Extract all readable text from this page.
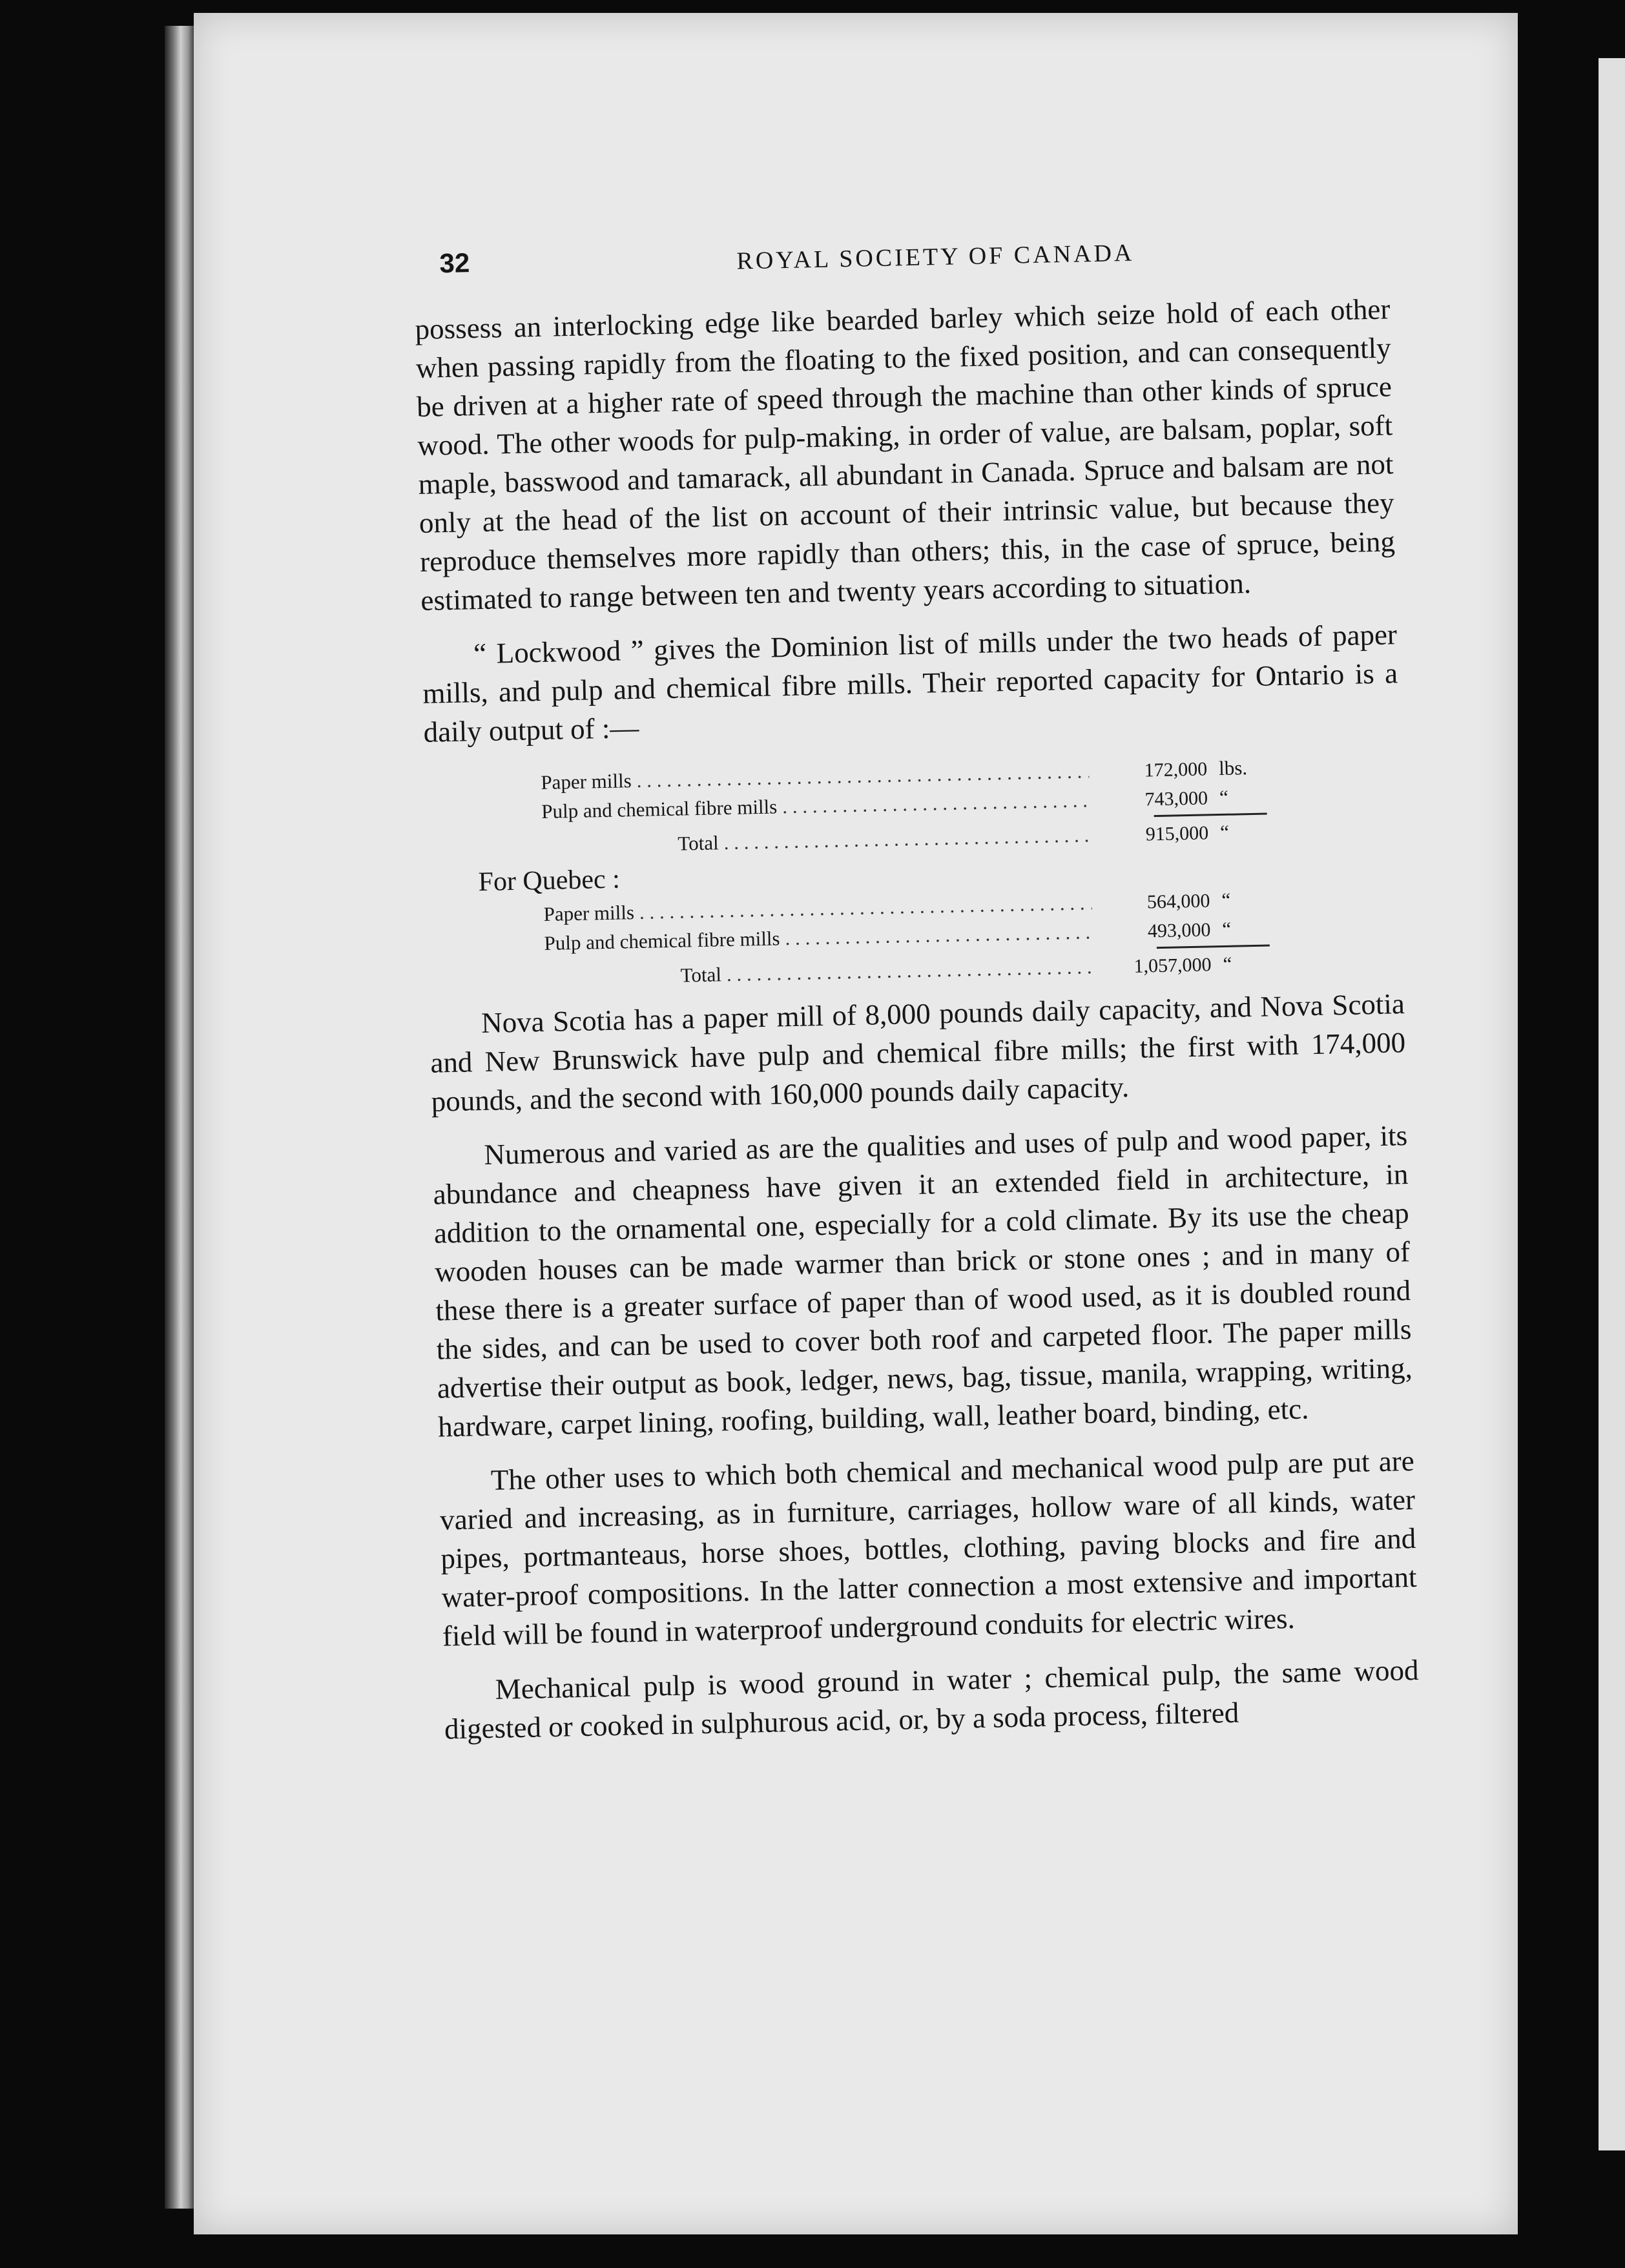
32	ROYAL SOCIETY OF CANADA

possess an interlocking edge like bearded barley which seize hold of each other when passing rapidly from the floating to the fixed position, and can consequently be driven at a higher rate of speed through the machine than other kinds of spruce wood. The other woods for pulp-making, in order of value, are balsam, poplar, soft maple, basswood and tamarack, all abundant in Canada. Spruce and balsam are not only at the head of the list on account of their intrinsic value, but because they reproduce themselves more rapidly than others; this, in the case of spruce, being estimated to range between ten and twenty years according to situation.

“ Lockwood ” gives the Dominion list of mills under the two heads of paper mills, and pulp and chemical fibre mills. Their reported capacity for Ontario is a daily output of :—

Paper mills . . .	172,000 lbs.
Pulp and chemical fibre mills . . .	743,000 “
Total . . .	915,000 “
For Quebec :
Paper mills . . .	564,000 “
Pulp and chemical fibre mills . . .	493,000 “
Total . . .	1,057,000 “

Nova Scotia has a paper mill of 8,000 pounds daily capacity, and Nova Scotia and New Brunswick have pulp and chemical fibre mills; the first with 174,000 pounds, and the second with 160,000 pounds daily capacity.

Numerous and varied as are the qualities and uses of pulp and wood paper, its abundance and cheapness have given it an extended field in architecture, in addition to the ornamental one, especially for a cold climate. By its use the cheap wooden houses can be made warmer than brick or stone ones ; and in many of these there is a greater surface of paper than of wood used, as it is doubled round the sides, and can be used to cover both roof and carpeted floor. The paper mills advertise their output as book, ledger, news, bag, tissue, manila, wrapping, writing, hardware, carpet lining, roofing, building, wall, leather board, binding, etc.

The other uses to which both chemical and mechanical wood pulp are put are varied and increasing, as in furniture, carriages, hollow ware of all kinds, water pipes, portmanteaus, horse shoes, bottles, clothing, paving blocks and fire and water-proof compositions. In the latter connection a most extensive and important field will be found in waterproof underground conduits for electric wires.

Mechanical pulp is wood ground in water ; chemical pulp, the same wood digested or cooked in sulphurous acid, or, by a soda process, filtered
